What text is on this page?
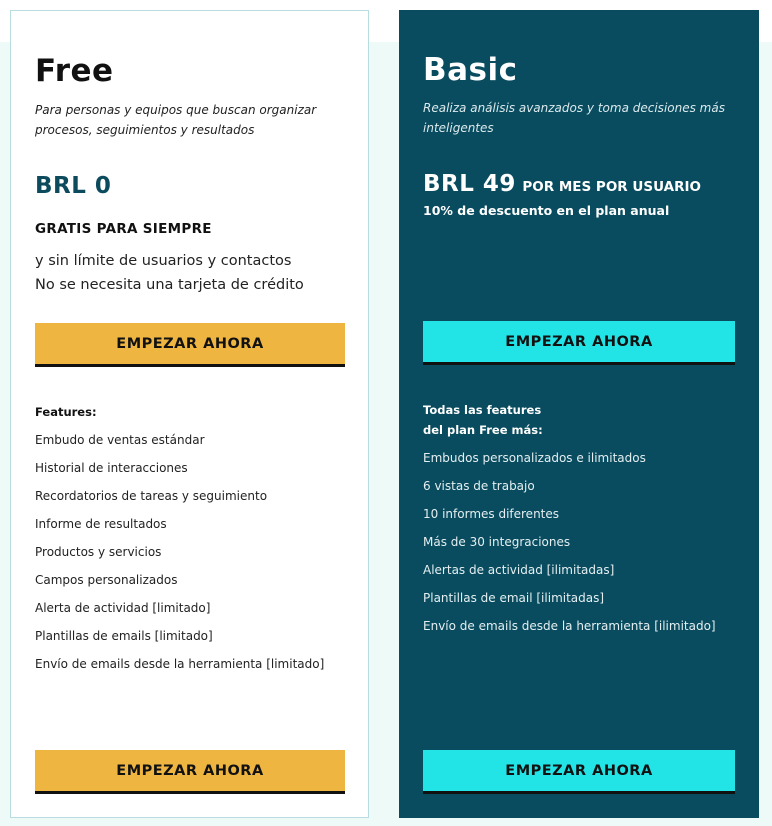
Free

Para personas y equipos que buscan organizar procesos, seguimientos y resultados

BRL 0
GRATIS PARA SIEMPRE
y sin límite de usuarios y contactos
No se necesita una tarjeta de crédito
EMPEZAR AHORA
Features:
Embudo de ventas estándar
Historial de interacciones
Recordatorios de tareas y seguimiento
Informe de resultados
Productos y servicios
Campos personalizados
Alerta de actividad [limitado]
Plantillas de emails [limitado]
Envío de emails desde la herramienta [limitado]
EMPEZAR AHORA
Basic

Realiza análisis avanzados y toma decisiones más inteligentes

BRL 49 POR MES POR USUARIO
10% de descuento en el plan anual
EMPEZAR AHORA
Todas las features
del plan Free más:
Embudos personalizados e ilimitados
6 vistas de trabajo
10 informes diferentes
Más de 30 integraciones
Alertas de actividad [ilimitadas]
Plantillas de email [ilimitadas]
Envío de emails desde la herramienta [ilimitado]
EMPEZAR AHORA
